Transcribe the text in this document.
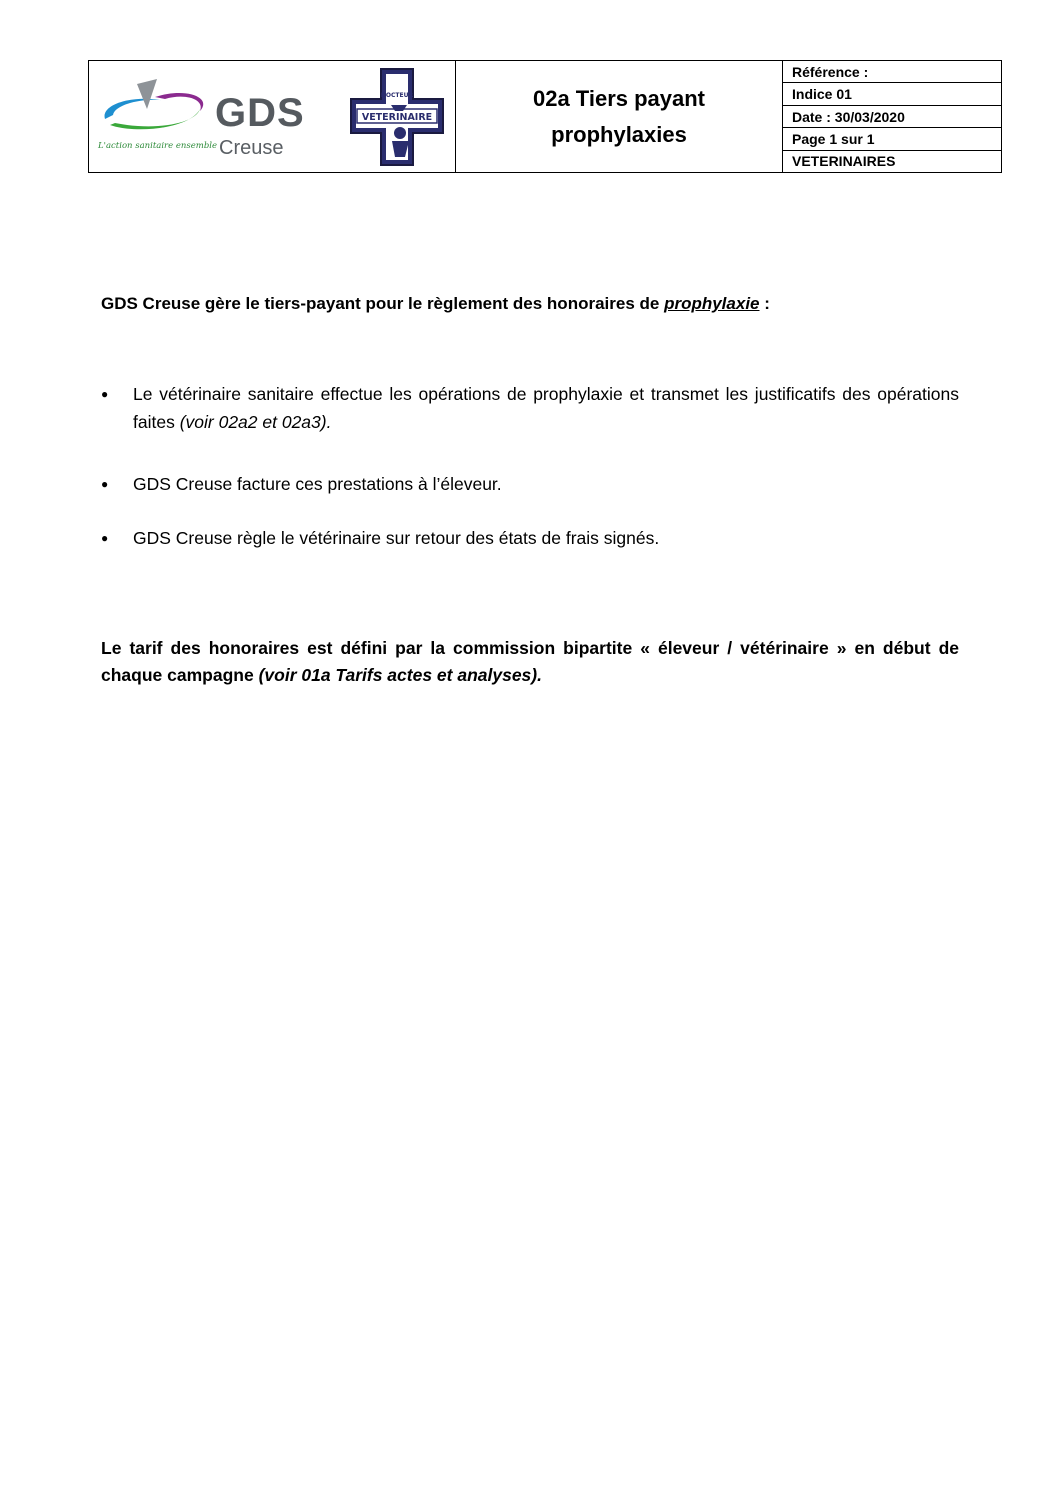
GDS
Creuse
L'action sanitaire ensemble
DOCTEUR
VETERINAIRE
02a Tiers payant
prophylaxies
Référence :
Indice 01
Date : 30/03/2020
Page 1 sur 1
VETERINAIRES

GDS Creuse gère le tiers-payant pour le règlement des honoraires de prophylaxie :

● Le vétérinaire sanitaire effectue les opérations de prophylaxie et transmet les justificatifs des opérations faites (voir 02a2 et 02a3).
● GDS Creuse facture ces prestations à l’éleveur.
● GDS Creuse règle le vétérinaire sur retour des états de frais signés.

Le tarif des honoraires est défini par la commission bipartite « éleveur / vétérinaire » en début de chaque campagne (voir 01a Tarifs actes et analyses).
